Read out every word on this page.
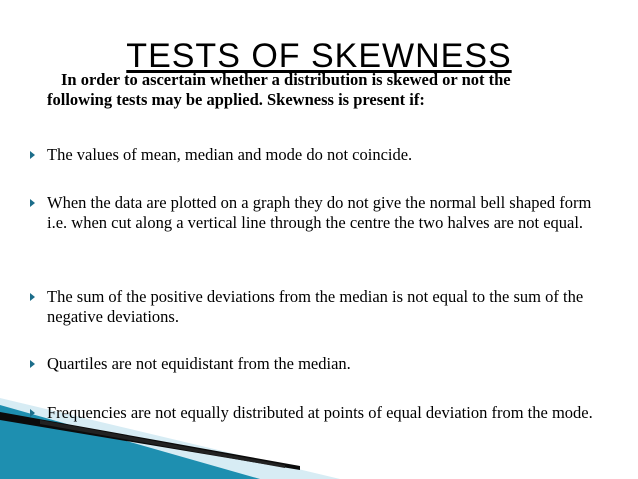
TESTS OF SKEWNESS
In order to ascertain whether a distribution is skewed or not the
following tests may be applied. Skewness is present if:
The values of mean, median and mode do not coincide.
When the data are plotted on a graph they do not give the normal bell shaped form i.e. when cut along a vertical line through the centre the two halves are not equal.
The sum of the positive deviations from the median is not equal to the sum of the negative deviations.
Quartiles are not equidistant from the median.
Frequencies are not equally distributed at points of equal deviation from the mode.
